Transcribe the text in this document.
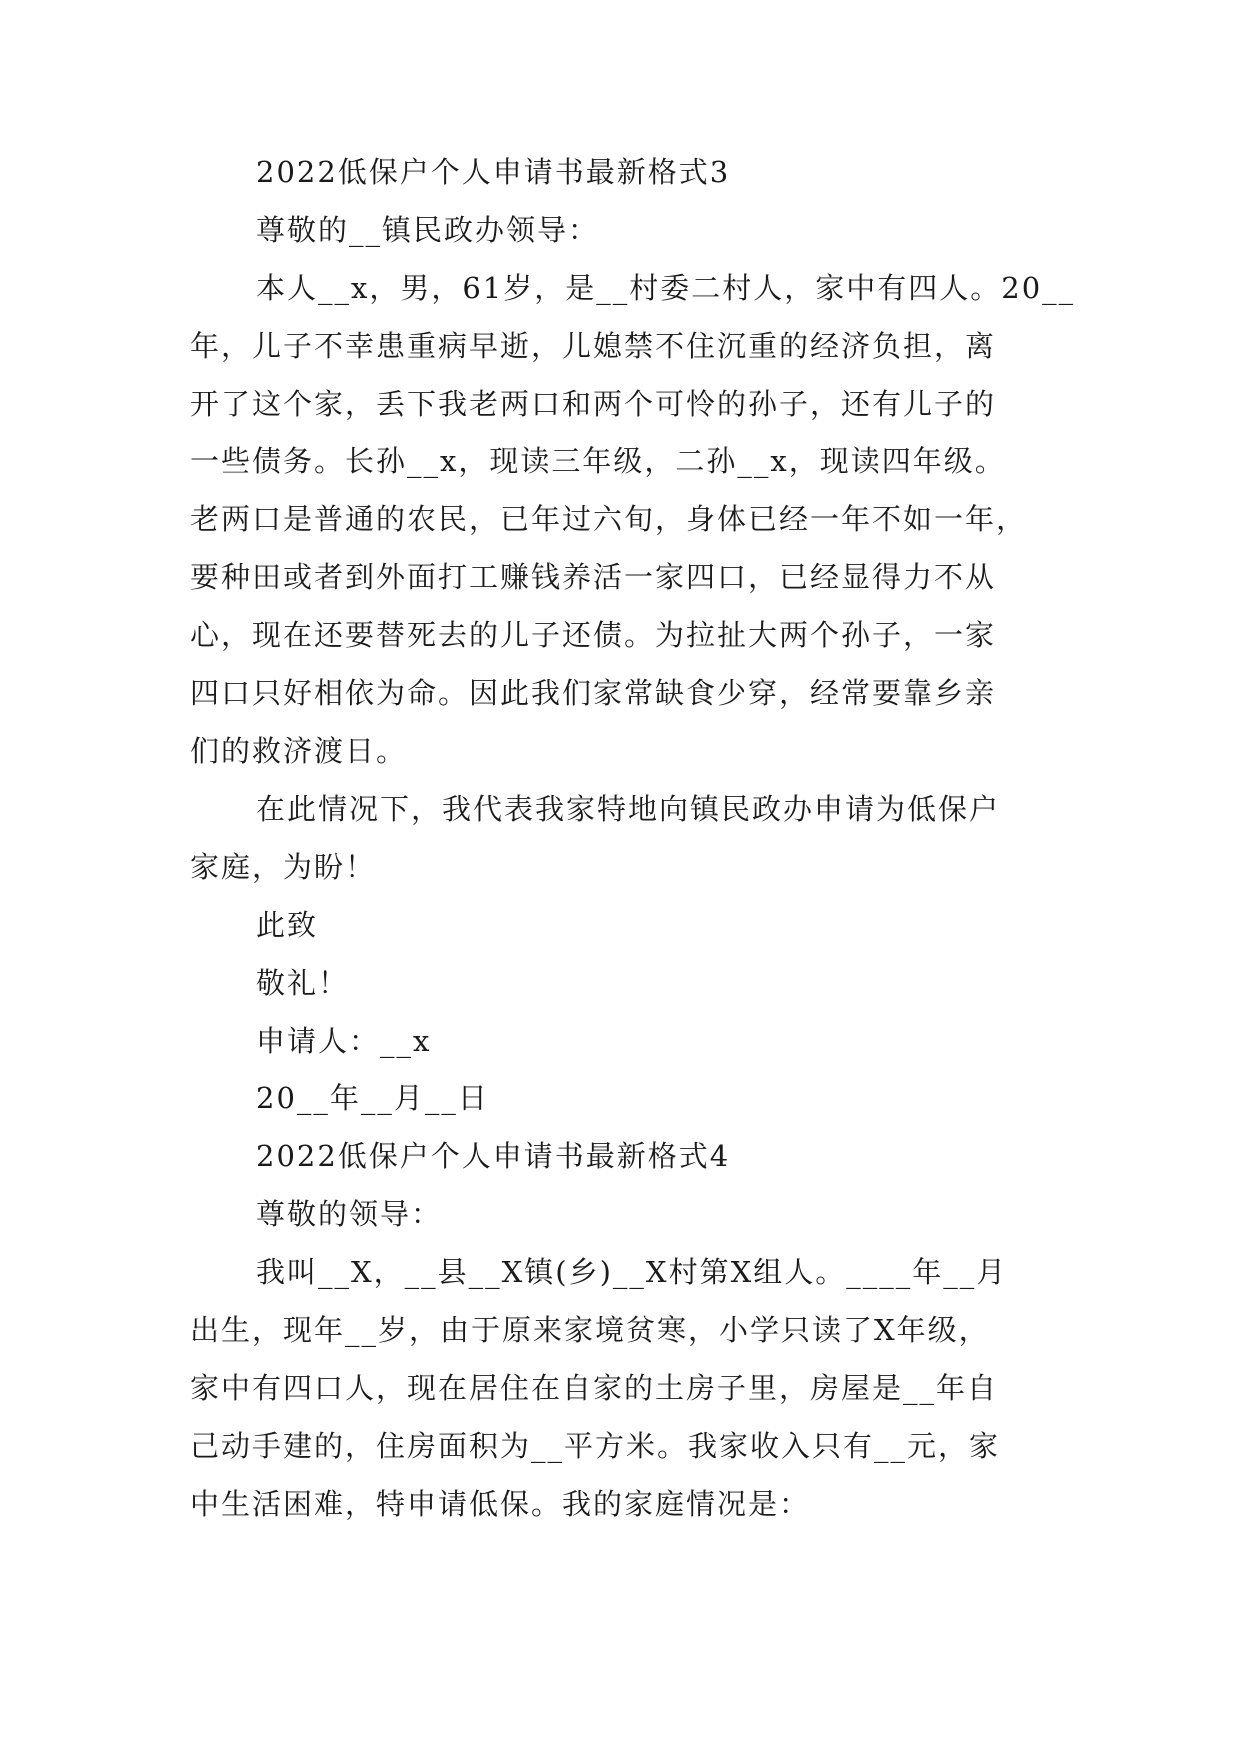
2022低保户个人申请书最新格式3
尊敬的__镇民政办领导：
本人__x，男，61岁，是__村委二村人，家中有四人。20__
年，儿子不幸患重病早逝，儿媳禁不住沉重的经济负担，离
开了这个家，丢下我老两口和两个可怜的孙子，还有儿子的
一些债务。长孙__x，现读三年级，二孙__x，现读四年级。
老两口是普通的农民，已年过六旬，身体已经一年不如一年，
要种田或者到外面打工赚钱养活一家四口，已经显得力不从
心，现在还要替死去的儿子还债。为拉扯大两个孙子，一家
四口只好相依为命。因此我们家常缺食少穿，经常要靠乡亲
们的救济渡日。
在此情况下，我代表我家特地向镇民政办申请为低保户
家庭，为盼！
此致
敬礼！
申请人：__x
20__年__月__日
2022低保户个人申请书最新格式4
尊敬的领导：
我叫__X，__县__X镇(乡)__X村第X组人。____年__月
出生，现年__岁，由于原来家境贫寒，小学只读了X年级，
家中有四口人，现在居住在自家的土房子里，房屋是__年自
己动手建的，住房面积为__平方米。我家收入只有__元，家
中生活困难，特申请低保。我的家庭情况是：
